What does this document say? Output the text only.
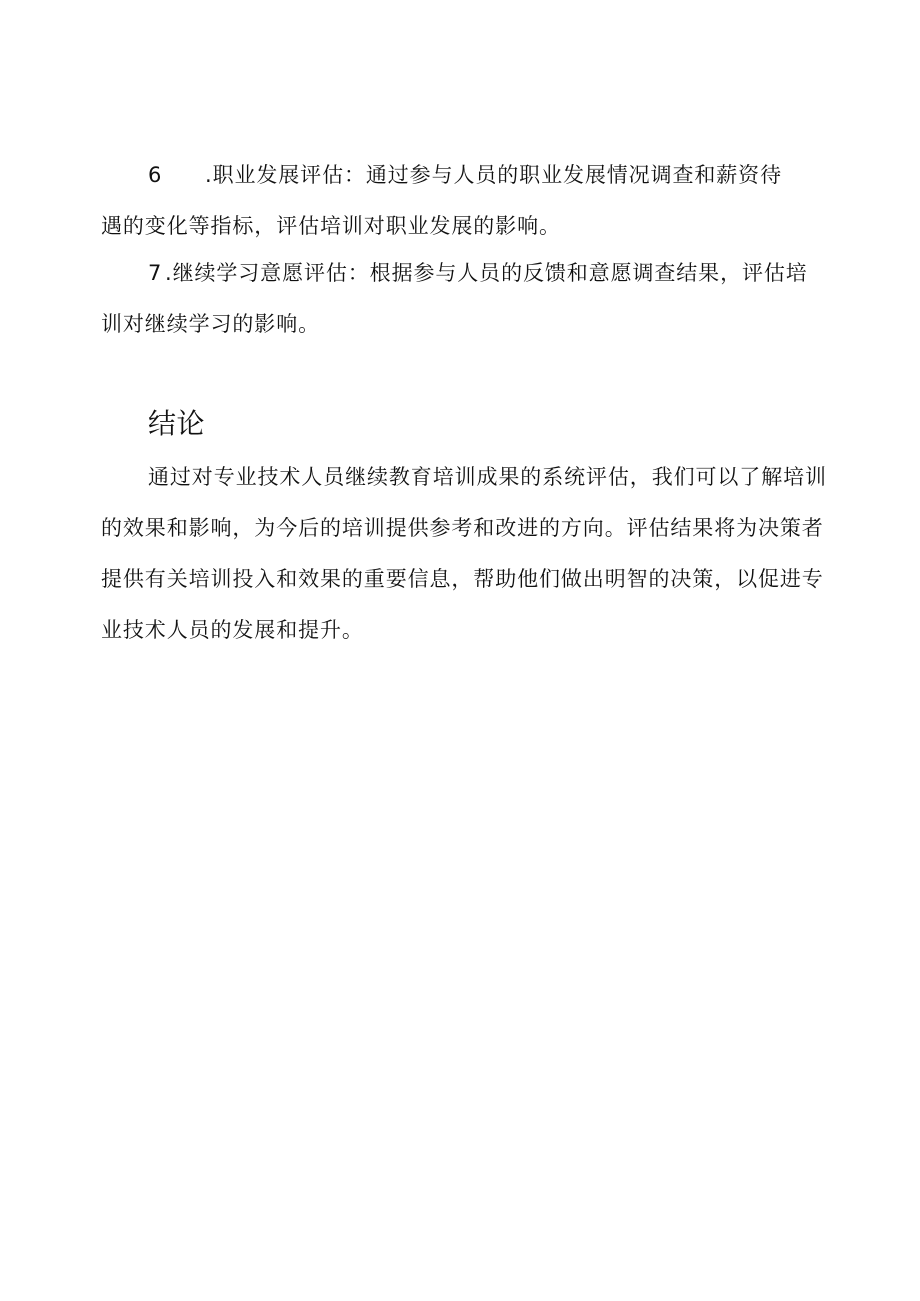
6 .职业发展评估：通过参与人员的职业发展情况调查和薪资待
遇的变化等指标，评估培训对职业发展的影响。
7 .继续学习意愿评估：根据参与人员的反馈和意愿调查结果，评估培
训对继续学习的影响。
结论
通过对专业技术人员继续教育培训成果的系统评估，我们可以了解培训
的效果和影响，为今后的培训提供参考和改进的方向。评估结果将为决策者
提供有关培训投入和效果的重要信息，帮助他们做出明智的决策，以促进专
业技术人员的发展和提升。
